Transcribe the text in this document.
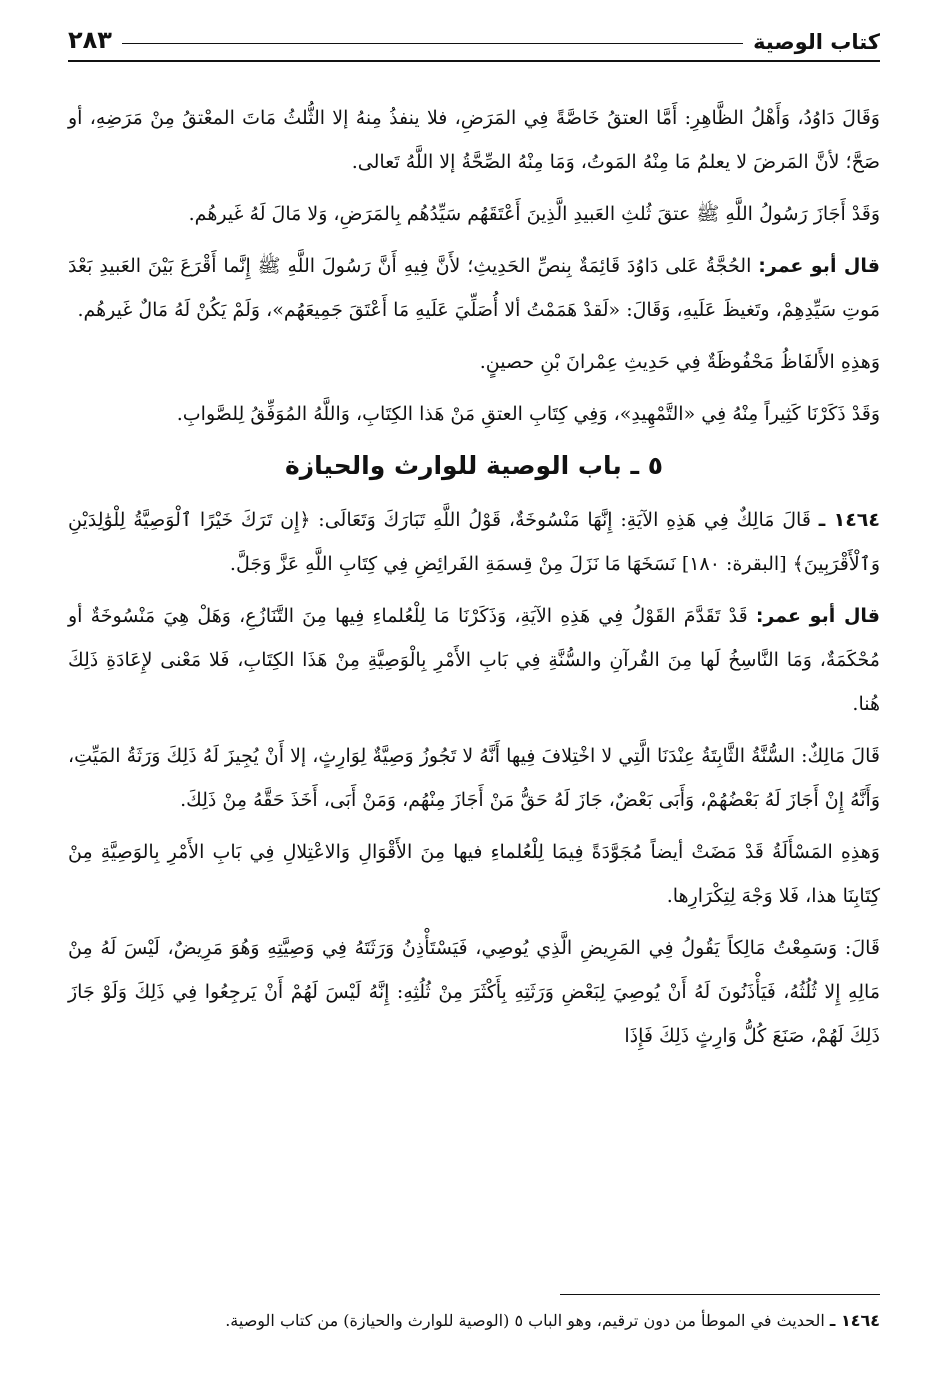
كتاب الوصية
٢٨٣

وَقَالَ دَاوُدُ، وَأَهْلُ الظَّاهِرِ: أَمَّا العتقُ خَاصَّةً فِي المَرَضِ، فلا ينفذُ مِنهُ إلا الثُّلثُ مَاتَ المعْتقُ مِنْ مَرَضِهِ، أو صَحَّ؛ لأنَّ المَرضَ لا يعلمُ مَا مِنْهُ المَوتُ، وَمَا مِنْهُ الصِّحَّةُ إلا اللَّهُ تَعالى.

وَقَدْ أَجَازَ رَسُولُ اللَّهِ ﷺ عتقَ ثُلثِ العَبيدِ الَّذِينَ أَعْتَقَهُم سَيِّدُهُم بِالمَرَضِ، وَلا مَالَ لَهُ غَيرهُم.

قال أبو عمر: الحُجَّةُ عَلى دَاوُدَ قَائِمَةٌ بِنصِّ الحَدِيثِ؛ لأَنَّ فِيهِ أَنَّ رَسُولَ اللَّهِ ﷺ إِنَّما أَقْرَعَ بَيْنَ العَبيدِ بَعْدَ مَوتِ سَيِّدِهِمْ، وتَغيظَ عَلَيهِ، وَقَالَ: «لَقدْ هَمَمْتُ ألا أُصَلِّيَ عَلَيهِ مَا أَعْتَقَ جَمِيعَهُم»، وَلَمْ يَكُنْ لَهُ مَالٌ غَيرهُم.

وَهذِهِ الأَلفَاظُ مَحْفُوظَةٌ فِي حَدِيثِ عِمْرانَ بْنِ حصينٍ.

وَقَدْ ذَكَرْنَا كَثِيراً مِنْهُ فِي «التَّمْهِيدِ»، وَفِي كِتَابِ العتقِ مَنْ هَذا الكِتَابِ، وَاللَّهُ المُوَفِّقُ لِلصَّوابِ.

٥ ـ باب الوصية للوارث والحيازة

١٤٦٤ ـ قَالَ مَالِكٌ فِي هَذِهِ الآيَةِ: إِنَّهَا مَنْسُوخَةٌ، قَوْلُ اللَّهِ تَبَارَكَ وَتَعَالَى: ﴿إِن تَرَكَ خَيْرًا ٱلْوَصِيَّةُ لِلْوَٰلِدَيْنِ وَٱلْأَقْرَبِينَ﴾ [البقرة: ١٨٠] نَسَخَهَا مَا نَزَلَ مِنْ قِسمَةِ الفَرائِضِ فِي كِتَابِ اللَّهِ عَزَّ وَجَلَّ.

قال أبو عمر: قَدْ تَقَدَّمَ القَوْلُ فِي هَذِهِ الآيَةِ، وَذَكَرْنَا مَا لِلْعُلماءِ فِيها مِنَ التَّنَازُعِ، وَهَلْ هِيَ مَنْسُوخَةٌ أو مُحْكَمَةٌ، وَمَا النَّاسِخُ لَها مِنَ القُرآنِ والسُّنَّةِ فِي بَابِ الأَمْرِ بِالْوَصِيَّةِ مِنْ هَذَا الكِتَابِ، فَلا مَعْنى لإِعَادَةِ ذَلِكَ هُنا.

قَالَ مَالِكٌ: السُّنَّةُ الثَّابِتَةُ عِنْدَنَا الَّتِي لا اخْتِلافَ فِيها أَنَّهُ لا تَجُوزُ وَصِيَّةٌ لِوَارِثٍ، إلا أَنْ يُجِيزَ لَهُ ذَلِكَ وَرَثَةُ المَيِّتِ، وَأَنَّهُ إِنْ أَجَازَ لَهُ بَعْضُهُمْ، وَأَبَى بَعْضٌ، جَازَ لَهُ حَقُّ مَنْ أَجَازَ مِنْهُم، وَمَنْ أَبَى، أَخَذَ حَقَّهُ مِنْ ذَلِكَ.

وَهذِهِ المَسْأَلَةُ قَدْ مَضَتْ أيضاً مُجَوَّدَةً فِيمَا لِلْعُلماءِ فيها مِنَ الأَقْوَالِ وَالاعْتِلالِ فِي بَابِ الأَمْرِ بِالوَصِيَّةِ مِنْ كِتَابِنَا هذا، فَلا وَجْهَ لِتِكْرَارِها.

قَالَ: وَسَمِعْتُ مَالِكاً يَقُولُ فِي المَرِيضِ الَّذِي يُوصِي، فَيَسْتَأْذِنُ وَرَثَتَهُ فِي وَصِيَّتِهِ وَهُوَ مَرِيضٌ، لَيْسَ لَهُ مِنْ مَالِهِ إِلا ثُلُثُهُ، فَيَأْذَنُونَ لَهُ أَنْ يُوصِيَ لِبَعْضِ وَرَثَتِهِ بِأَكْثَرَ مِنْ ثُلُثِهِ: إِنَّهُ لَيْسَ لَهُمْ أَنْ يَرجِعُوا فِي ذَلِكَ وَلَوْ جَازَ ذَلِكَ لَهُمْ، صَنَعَ كُلُّ وَارِثٍ ذَلِكَ فَإِذَا

١٤٦٤ ـ الحديث في الموطأ من دون ترقيم، وهو الباب ٥ (الوصية للوارث والحيازة) من كتاب الوصية.
